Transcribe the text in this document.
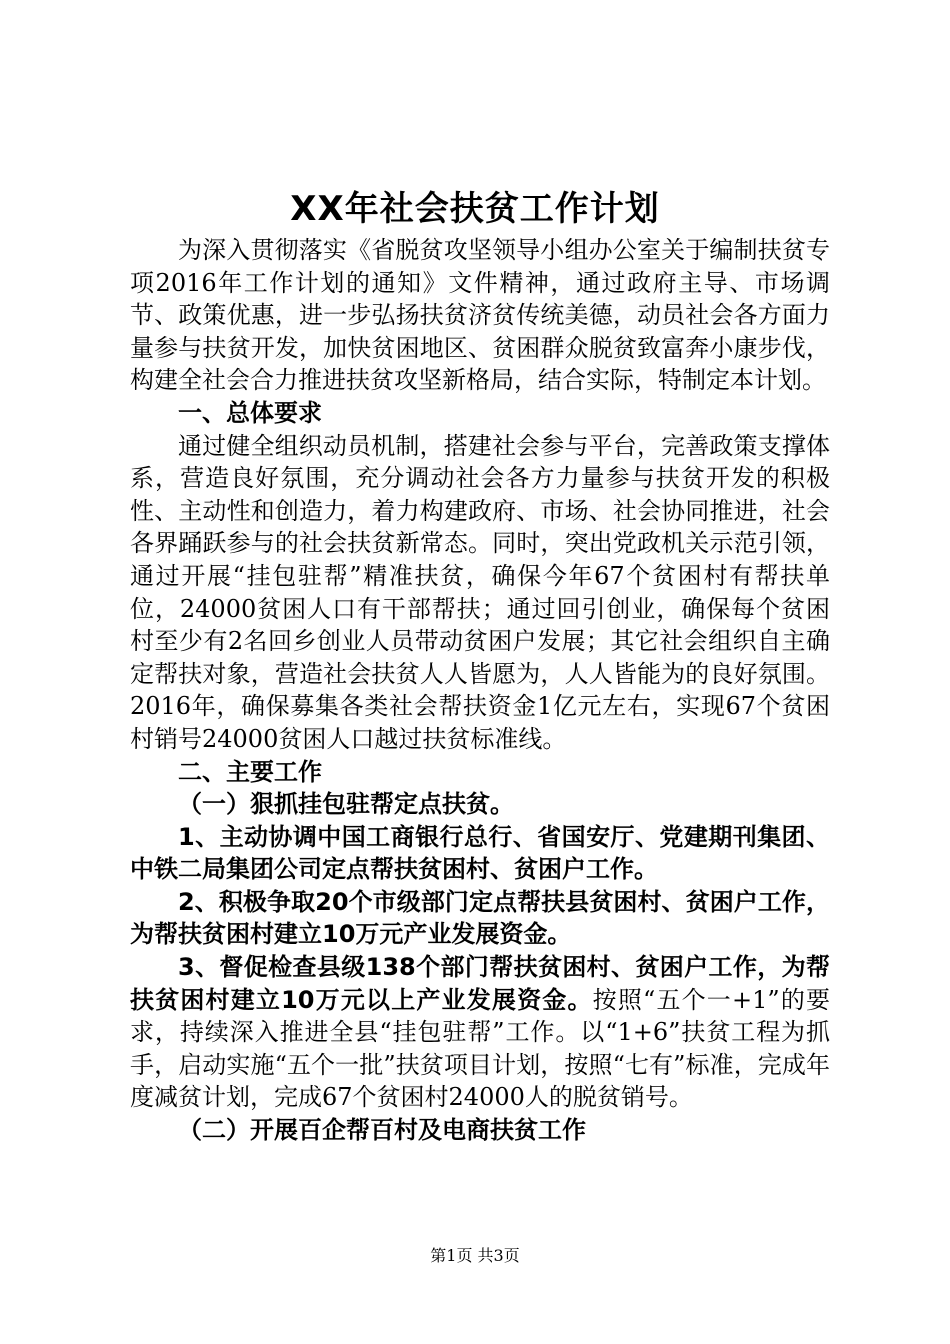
XX年社会扶贫工作计划

为深入贯彻落实《省脱贫攻坚领导小组办公室关于编制扶贫专项2016年工作计划的通知》文件精神，通过政府主导、市场调节、政策优惠，进一步弘扬扶贫济贫传统美德，动员社会各方面力量参与扶贫开发，加快贫困地区、贫困群众脱贫致富奔小康步伐，构建全社会合力推进扶贫攻坚新格局，结合实际，特制定本计划。

一、总体要求

通过健全组织动员机制，搭建社会参与平台，完善政策支撑体系，营造良好氛围，充分调动社会各方力量参与扶贫开发的积极性、主动性和创造力，着力构建政府、市场、社会协同推进，社会各界踊跃参与的社会扶贫新常态。同时，突出党政机关示范引领，通过开展“挂包驻帮”精准扶贫，确保今年67个贫困村有帮扶单位，24000贫困人口有干部帮扶；通过回引创业，确保每个贫困村至少有2名回乡创业人员带动贫困户发展；其它社会组织自主确定帮扶对象，营造社会扶贫人人皆愿为，人人皆能为的良好氛围。2016年，确保募集各类社会帮扶资金1亿元左右，实现67个贫困村销号24000贫困人口越过扶贫标准线。

二、主要工作

（一）狠抓挂包驻帮定点扶贫。

1、主动协调中国工商银行总行、省国安厅、党建期刊集团、中铁二局集团公司定点帮扶贫困村、贫困户工作。

2、积极争取20个市级部门定点帮扶县贫困村、贫困户工作，为帮扶贫困村建立10万元产业发展资金。

3、督促检查县级138个部门帮扶贫困村、贫困户工作，为帮扶贫困村建立10万元以上产业发展资金。按照“五个一+1”的要求，持续深入推进全县“挂包驻帮”工作。以“1+6”扶贫工程为抓手，启动实施“五个一批”扶贫项目计划，按照“七有”标准，完成年度减贫计划，完成67个贫困村24000人的脱贫销号。

（二）开展百企帮百村及电商扶贫工作

第1页 共3页
